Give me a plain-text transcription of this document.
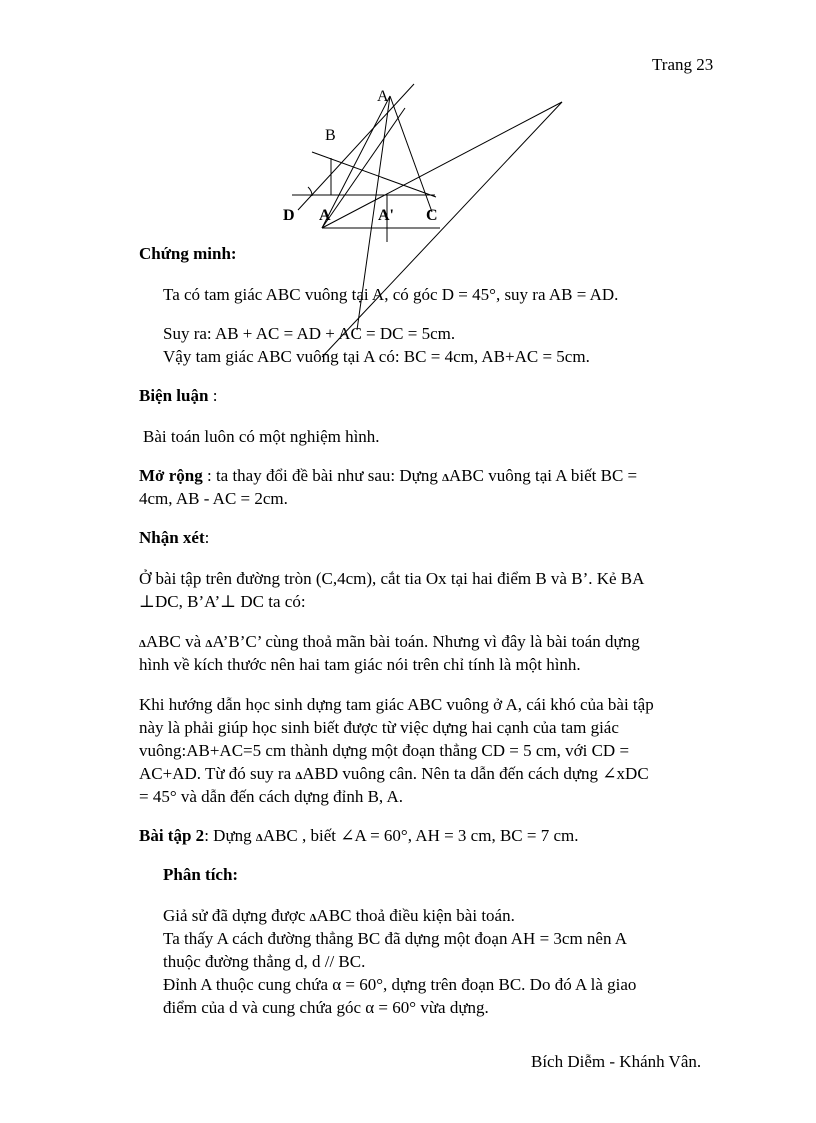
Trang 23
A
B
D A	A' C
Chứng minh:
Ta có tam giác ABC vuông tại A, có góc D = 45°, suy ra AB = AD.
Suy ra: AB + AC = AD + AC = DC = 5cm.
Vậy tam giác ABC vuông tại A có: BC = 4cm, AB+AC = 5cm.
Biện luận :
Bài toán luôn có một nghiệm hình.
Mở rộng : ta thay đổi đề bài như sau: Dựng ΔABC vuông tại A biết BC =
4cm, AB - AC = 2cm.
Nhận xét:
Ở bài tập trên đường tròn (C,4cm), cắt tia Ox tại hai điểm B và B’. Kẻ BA
⊥DC, B’A’⊥ DC ta có:
ΔABC và ΔA’B’C’ cùng thoả mãn bài toán. Nhưng vì đây là bài toán dựng
hình về kích thước nên hai tam giác nói trên chỉ tính là một hình.
Khi hướng dẫn học sinh dựng tam giác ABC vuông ở A, cái khó của bài tập
này là phải giúp học sinh biết được từ việc dựng hai cạnh của tam giác
vuông:AB+AC=5 cm thành dựng một đoạn thẳng CD = 5 cm, với CD =
AC+AD. Từ đó suy ra ΔABD vuông cân. Nên ta dẫn đến cách dựng ∠xDC
= 45° và dẫn đến cách dựng đỉnh B, A.
Bài tập 2: Dựng ΔABC , biết ∠A = 60°, AH = 3 cm, BC = 7 cm.
Phân tích:
Giả sử đã dựng được ΔABC thoả điều kiện bài toán.
Ta thấy A cách đường thẳng BC đã dựng một đoạn AH = 3cm nên A
thuộc đường thẳng d, d // BC.
Đỉnh A thuộc cung chứa α = 60°, dựng trên đoạn BC. Do đó A là giao
điểm của d và cung chứa góc α = 60° vừa dựng.
Bích Diễm - Khánh Vân.
